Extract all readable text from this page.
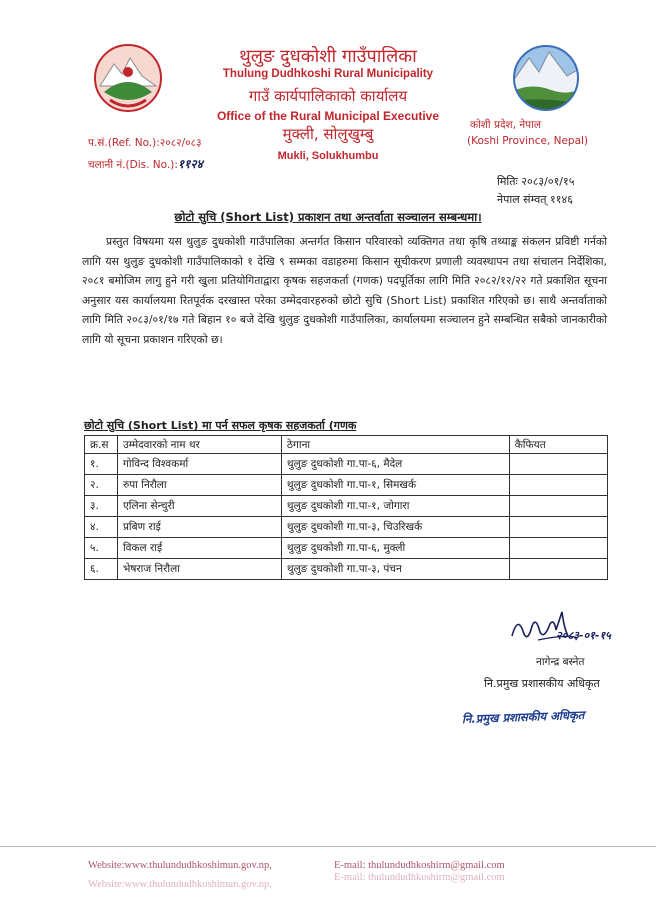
थुलुङ दुधकोशी गाउँपालिका
Thulung Dudhkoshi Rural Municipality
गाउँ कार्यपालिकाको कार्यालय
Office of the Rural Municipal Executive
मुक्ली, सोलुखुम्बु
Mukli, Solukhumbu
कोशी प्रदेश, नेपाल
(Koshi Province, Nepal)
प.सं.(Ref. No.):२०८२/०८३
चलानी नं.(Dis. No.):११२४
मितिः २०८३/०१/१५
नेपाल संम्वत् ११४६
छोटो सुचि (Short List) प्रकाशन तथा अन्तर्वाता सञ्चालन सम्बन्धमा।

प्रस्तुत विषयमा यस थुलुङ दुधकोशी गाउँपालिका अन्तर्गत किसान परिवारको व्यक्तिगत तथा कृषि तथ्याङ्क संकलन प्रविष्टी गर्नको लागि यस थुलुङ दुधकोशी गाउँपालिकाको १ देखि ९ सम्मका वडाहरुमा किसान सूचीकरण प्रणाली व्यवस्थापन तथा संचालन निर्देशिका, २०८१ बमोजिम लागु हुने गरी खुला प्रतियोगिताद्वारा कृषक सहजकर्ता (गणक) पदपूर्तिका लागि मिति २०८२/१२/२२ गते प्रकाशित सूचना अनुसार यस कार्यालयमा रितपूर्वक दरखास्त परेका उम्मेदवारहरुको छोटो सुचि (Short List) प्रकाशित गरिएको छ। साथै अन्तर्वाताको लागि मिति २०८३/०१/१७ गते बिहान १० बजे देखि थुलुङ दुधकोशी गाउँपालिका, कार्यालयमा सञ्चालन हुने सम्बन्धित सबैको जानकारीको लागि यो सूचना प्रकाशन गरिएको छ।

छोटो सुचि (Short List) मा पर्न सफल कृषक सहजकर्ता (गणक
क्र.स	उम्मेदवारको नाम थर	ठेगाना	कैफियत
१.	गोविन्द विश्वकर्मा	थुलुङ दुधकोशी गा.पा-६, मैदेल	
२.	रुपा निरौला	थुलुङ दुधकोशी गा.पा-१, सिमखर्क	
३.	एलिना सेन्चुरी	थुलुङ दुधकोशी गा.पा-१, जोगारा	
४.	प्रबिण राई	थुलुङ दुधकोशी गा.पा-३, चिउरिखर्क	
५.	विकल राई	थुलुङ दुधकोशी गा.पा-६, मुक्ली	
६.	भेषराज निरौला	थुलुङ दुधकोशी गा.पा-३, पंचन	
२०८३-०१-१५
नागेन्द्र बस्नेत
नि.प्रमुख प्रशासकीय अधिकृत
नि.प्रमुख प्रशासकीय अधिकृत
Website:www.thulundudhkoshimun.gov.np,	E-mail: thulundudhkoshirm@gmail.com
Website:www.thulundudhkoshimun.gov.np,
E-mail: thulundudhkoshirm@gmail.com
